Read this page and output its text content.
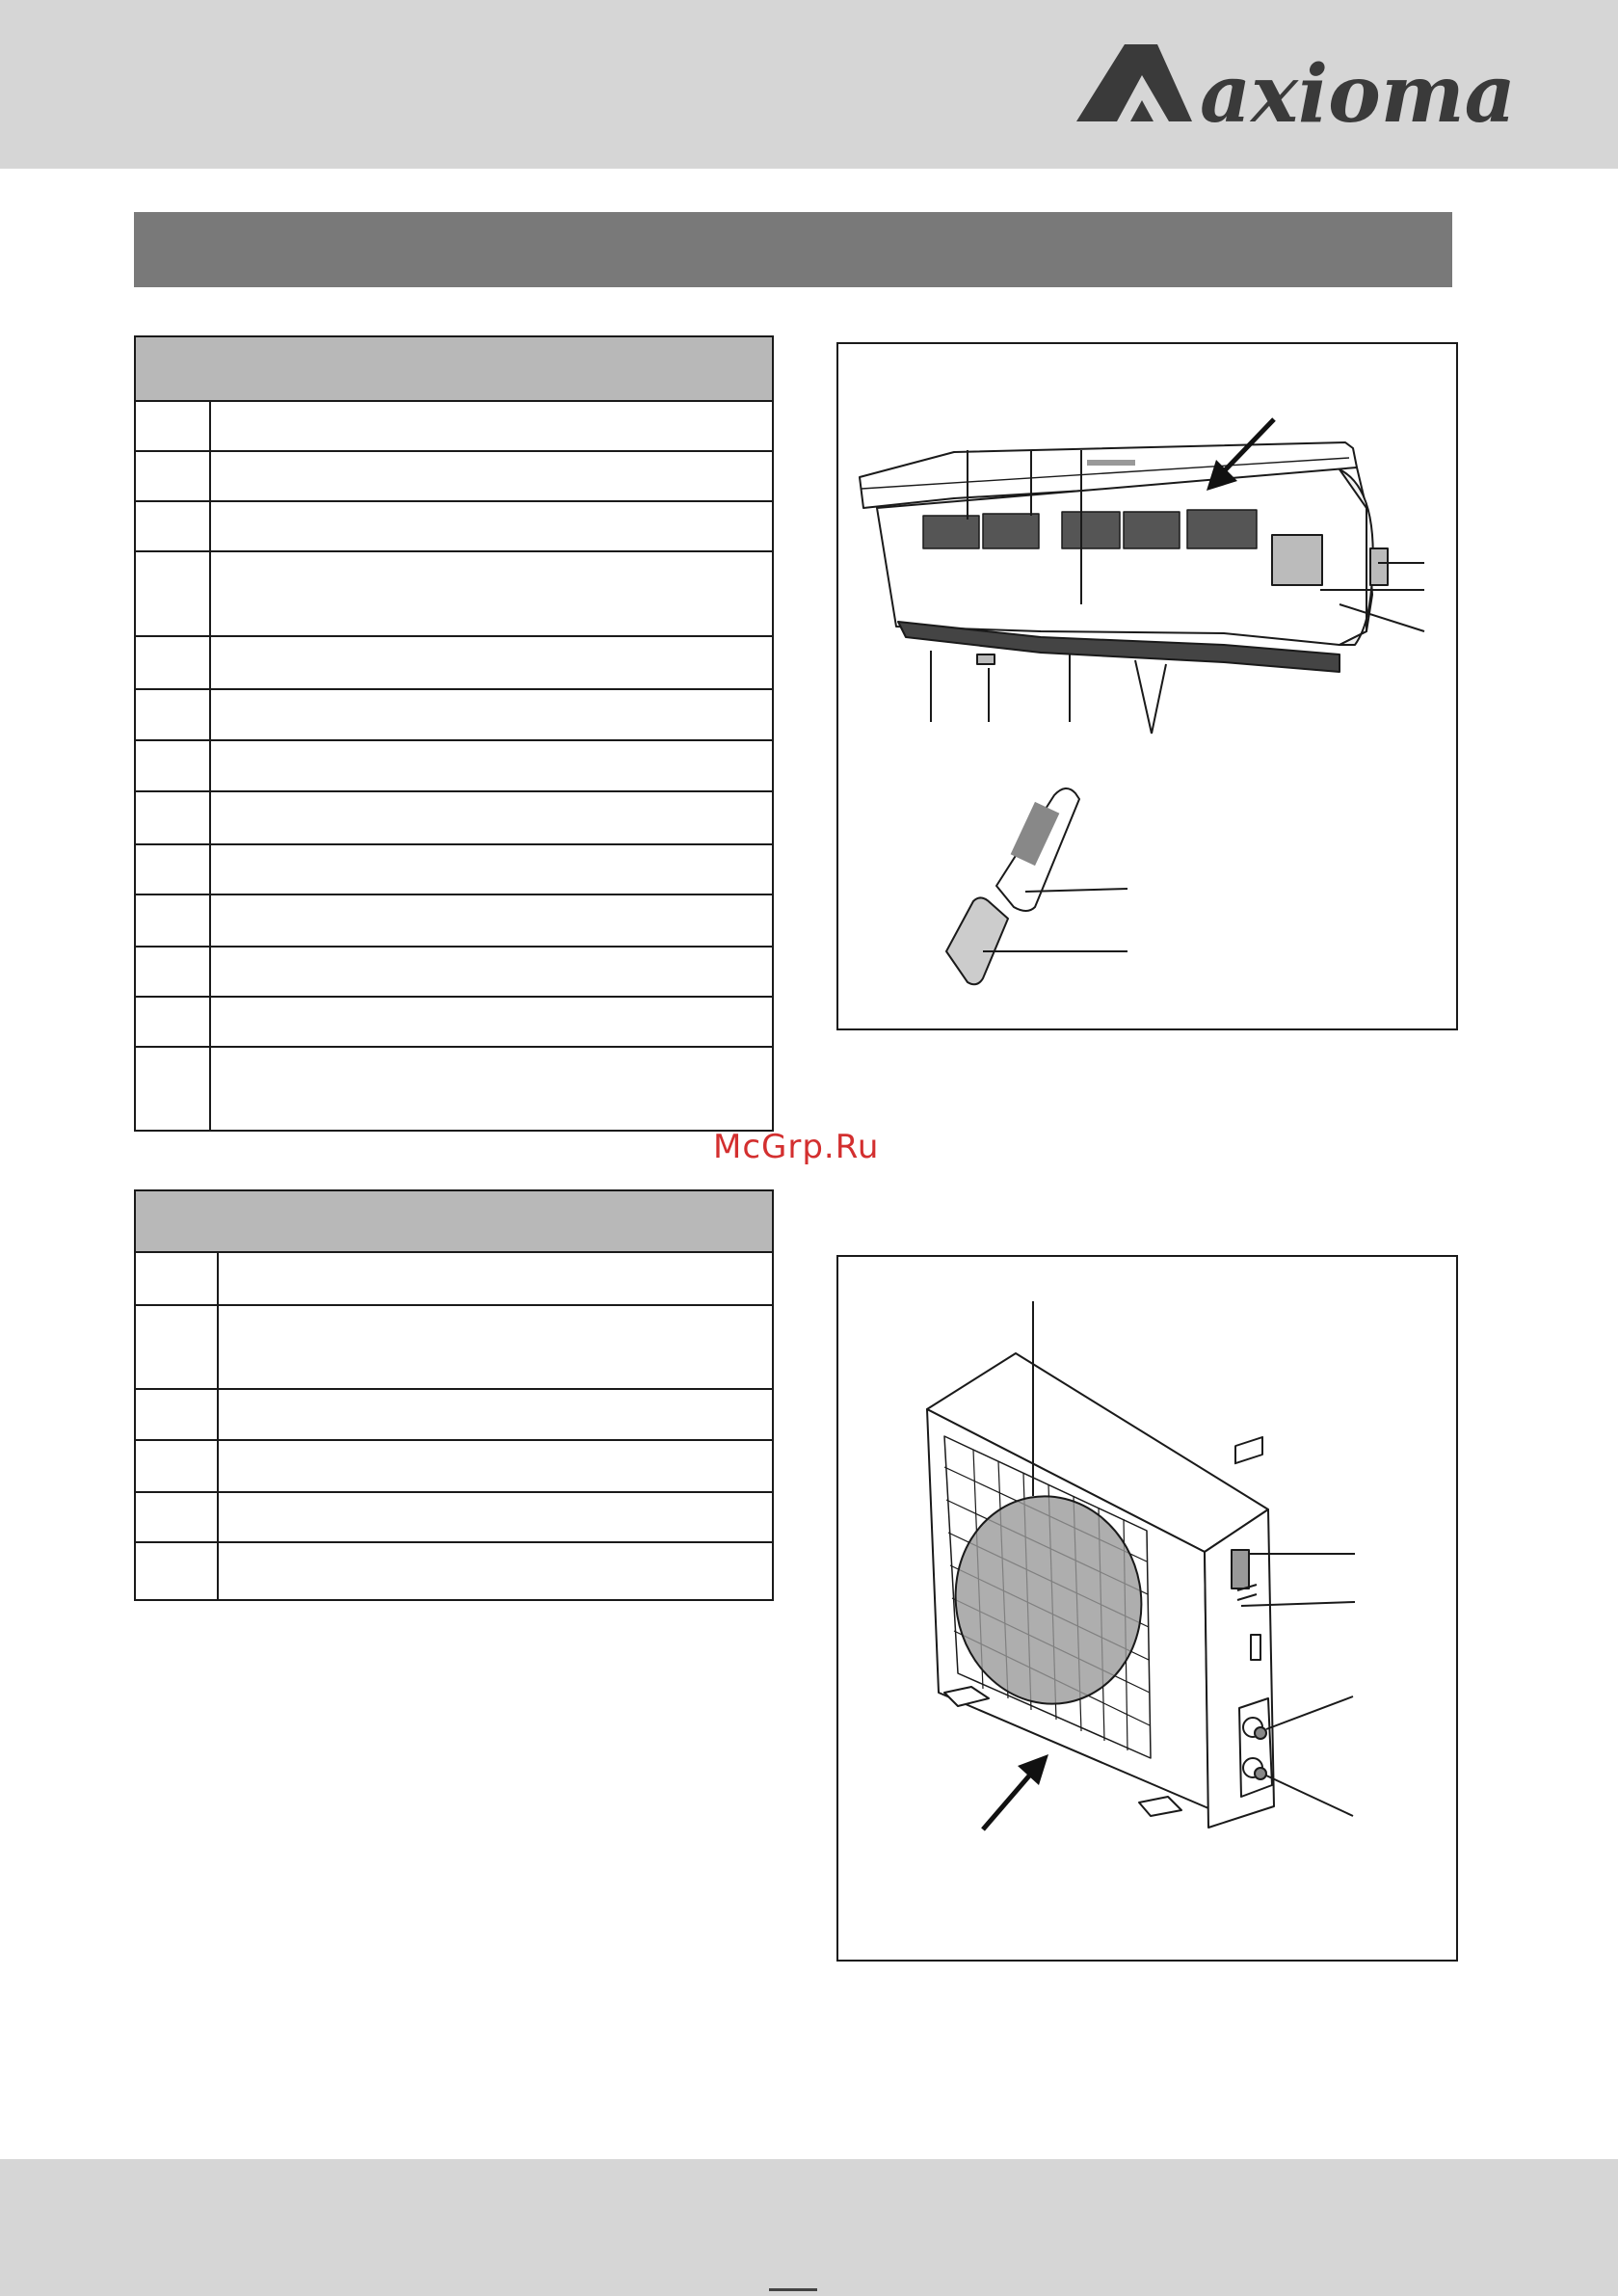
axioma
McGrp.Ru
